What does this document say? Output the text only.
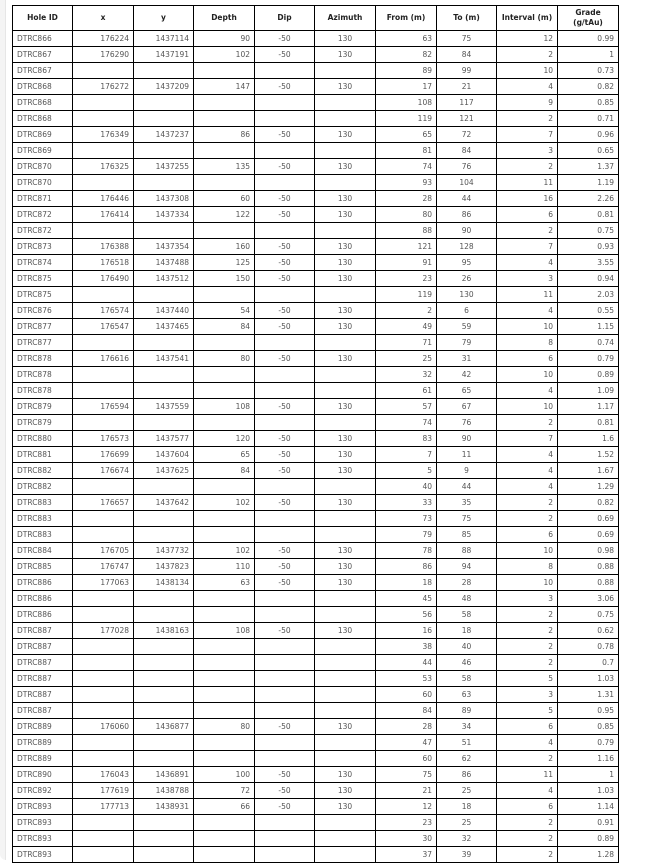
Hole ID	x	y	Depth	Dip	Azimuth	From (m)	To (m)	Interval (m)	Grade (g/tAu)
DTRC866	176224	1437114	90	-50	130	63	75	12	0.99
DTRC867	176290	1437191	102	-50	130	82	84	2	1
DTRC867						89	99	10	0.73
DTRC868	176272	1437209	147	-50	130	17	21	4	0.82
DTRC868						108	117	9	0.85
DTRC868						119	121	2	0.71
DTRC869	176349	1437237	86	-50	130	65	72	7	0.96
DTRC869						81	84	3	0.65
DTRC870	176325	1437255	135	-50	130	74	76	2	1.37
DTRC870						93	104	11	1.19
DTRC871	176446	1437308	60	-50	130	28	44	16	2.26
DTRC872	176414	1437334	122	-50	130	80	86	6	0.81
DTRC872						88	90	2	0.75
DTRC873	176388	1437354	160	-50	130	121	128	7	0.93
DTRC874	176518	1437488	125	-50	130	91	95	4	3.55
DTRC875	176490	1437512	150	-50	130	23	26	3	0.94
DTRC875						119	130	11	2.03
DTRC876	176574	1437440	54	-50	130	2	6	4	0.55
DTRC877	176547	1437465	84	-50	130	49	59	10	1.15
DTRC877						71	79	8	0.74
DTRC878	176616	1437541	80	-50	130	25	31	6	0.79
DTRC878						32	42	10	0.89
DTRC878						61	65	4	1.09
DTRC879	176594	1437559	108	-50	130	57	67	10	1.17
DTRC879						74	76	2	0.81
DTRC880	176573	1437577	120	-50	130	83	90	7	1.6
DTRC881	176699	1437604	65	-50	130	7	11	4	1.52
DTRC882	176674	1437625	84	-50	130	5	9	4	1.67
DTRC882						40	44	4	1.29
DTRC883	176657	1437642	102	-50	130	33	35	2	0.82
DTRC883						73	75	2	0.69
DTRC883						79	85	6	0.69
DTRC884	176705	1437732	102	-50	130	78	88	10	0.98
DTRC885	176747	1437823	110	-50	130	86	94	8	0.88
DTRC886	177063	1438134	63	-50	130	18	28	10	0.88
DTRC886						45	48	3	3.06
DTRC886						56	58	2	0.75
DTRC887	177028	1438163	108	-50	130	16	18	2	0.62
DTRC887						38	40	2	0.78
DTRC887						44	46	2	0.7
DTRC887						53	58	5	1.03
DTRC887						60	63	3	1.31
DTRC887						84	89	5	0.95
DTRC889	176060	1436877	80	-50	130	28	34	6	0.85
DTRC889						47	51	4	0.79
DTRC889						60	62	2	1.16
DTRC890	176043	1436891	100	-50	130	75	86	11	1
DTRC892	177619	1438788	72	-50	130	21	25	4	1.03
DTRC893	177713	1438931	66	-50	130	12	18	6	1.14
DTRC893						23	25	2	0.91
DTRC893						30	32	2	0.89
DTRC893						37	39	2	1.28
